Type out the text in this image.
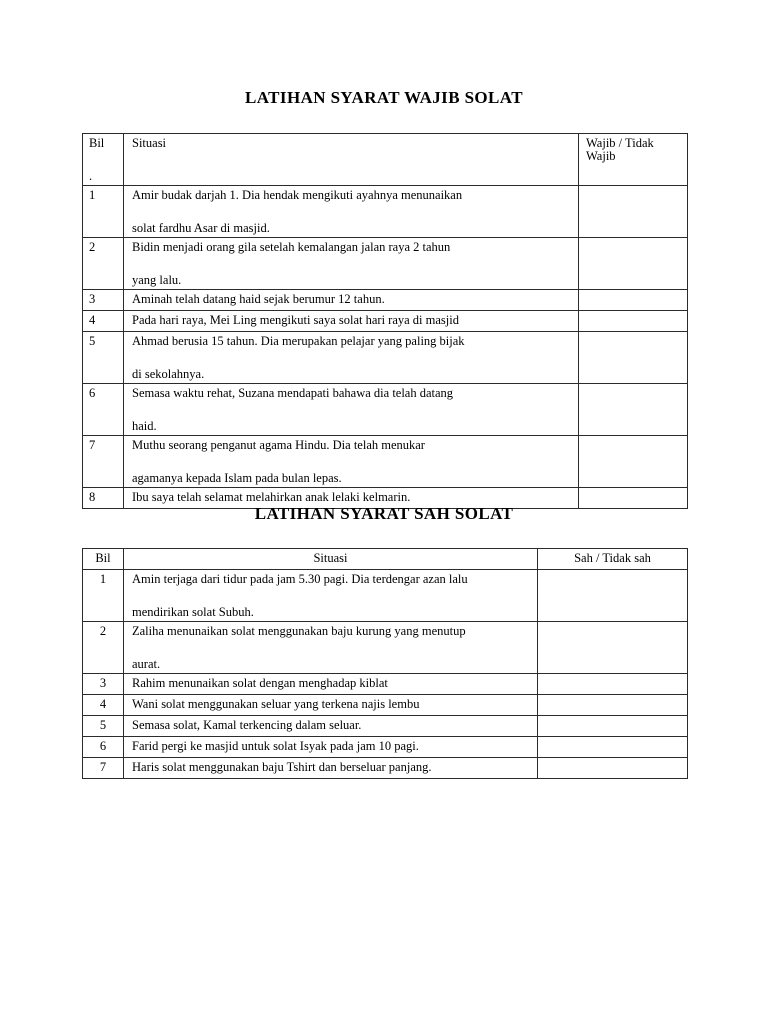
LATIHAN SYARAT WAJIB SOLAT
Bil
.	Situasi	Wajib / Tidak Wajib
1	Amir budak darjah 1. Dia hendak mengikuti ayahnya menunaikan
solat fardhu Asar di masjid.	

2	Bidin menjadi orang gila setelah kemalangan jalan raya 2 tahun
yang lalu.	

3	Aminah telah datang haid sejak berumur 12 tahun.	
4	Pada hari raya, Mei Ling mengikuti saya solat hari raya di masjid	
5	Ahmad berusia 15 tahun. Dia merupakan pelajar yang paling bijak
di sekolahnya.	

6	Semasa waktu rehat, Suzana mendapati bahawa dia telah datang
haid.	

7	Muthu seorang penganut agama Hindu. Dia telah menukar
agamanya kepada Islam pada bulan lepas.	

8	Ibu saya telah selamat melahirkan anak lelaki kelmarin.	
LATIHAN SYARAT SAH SOLAT
Bil	Situasi	Sah / Tidak sah
1	Amin terjaga dari tidur pada jam 5.30 pagi. Dia terdengar azan lalu
mendirikan solat Subuh.	

2	Zaliha menunaikan solat menggunakan baju kurung yang menutup
aurat.	

3	Rahim menunaikan solat dengan menghadap kiblat	
4	Wani solat menggunakan seluar yang terkena najis lembu	
5	Semasa solat, Kamal terkencing dalam seluar.	
6	Farid pergi ke masjid untuk solat Isyak pada jam 10 pagi.	
7	Haris solat menggunakan baju Tshirt dan berseluar panjang.	
